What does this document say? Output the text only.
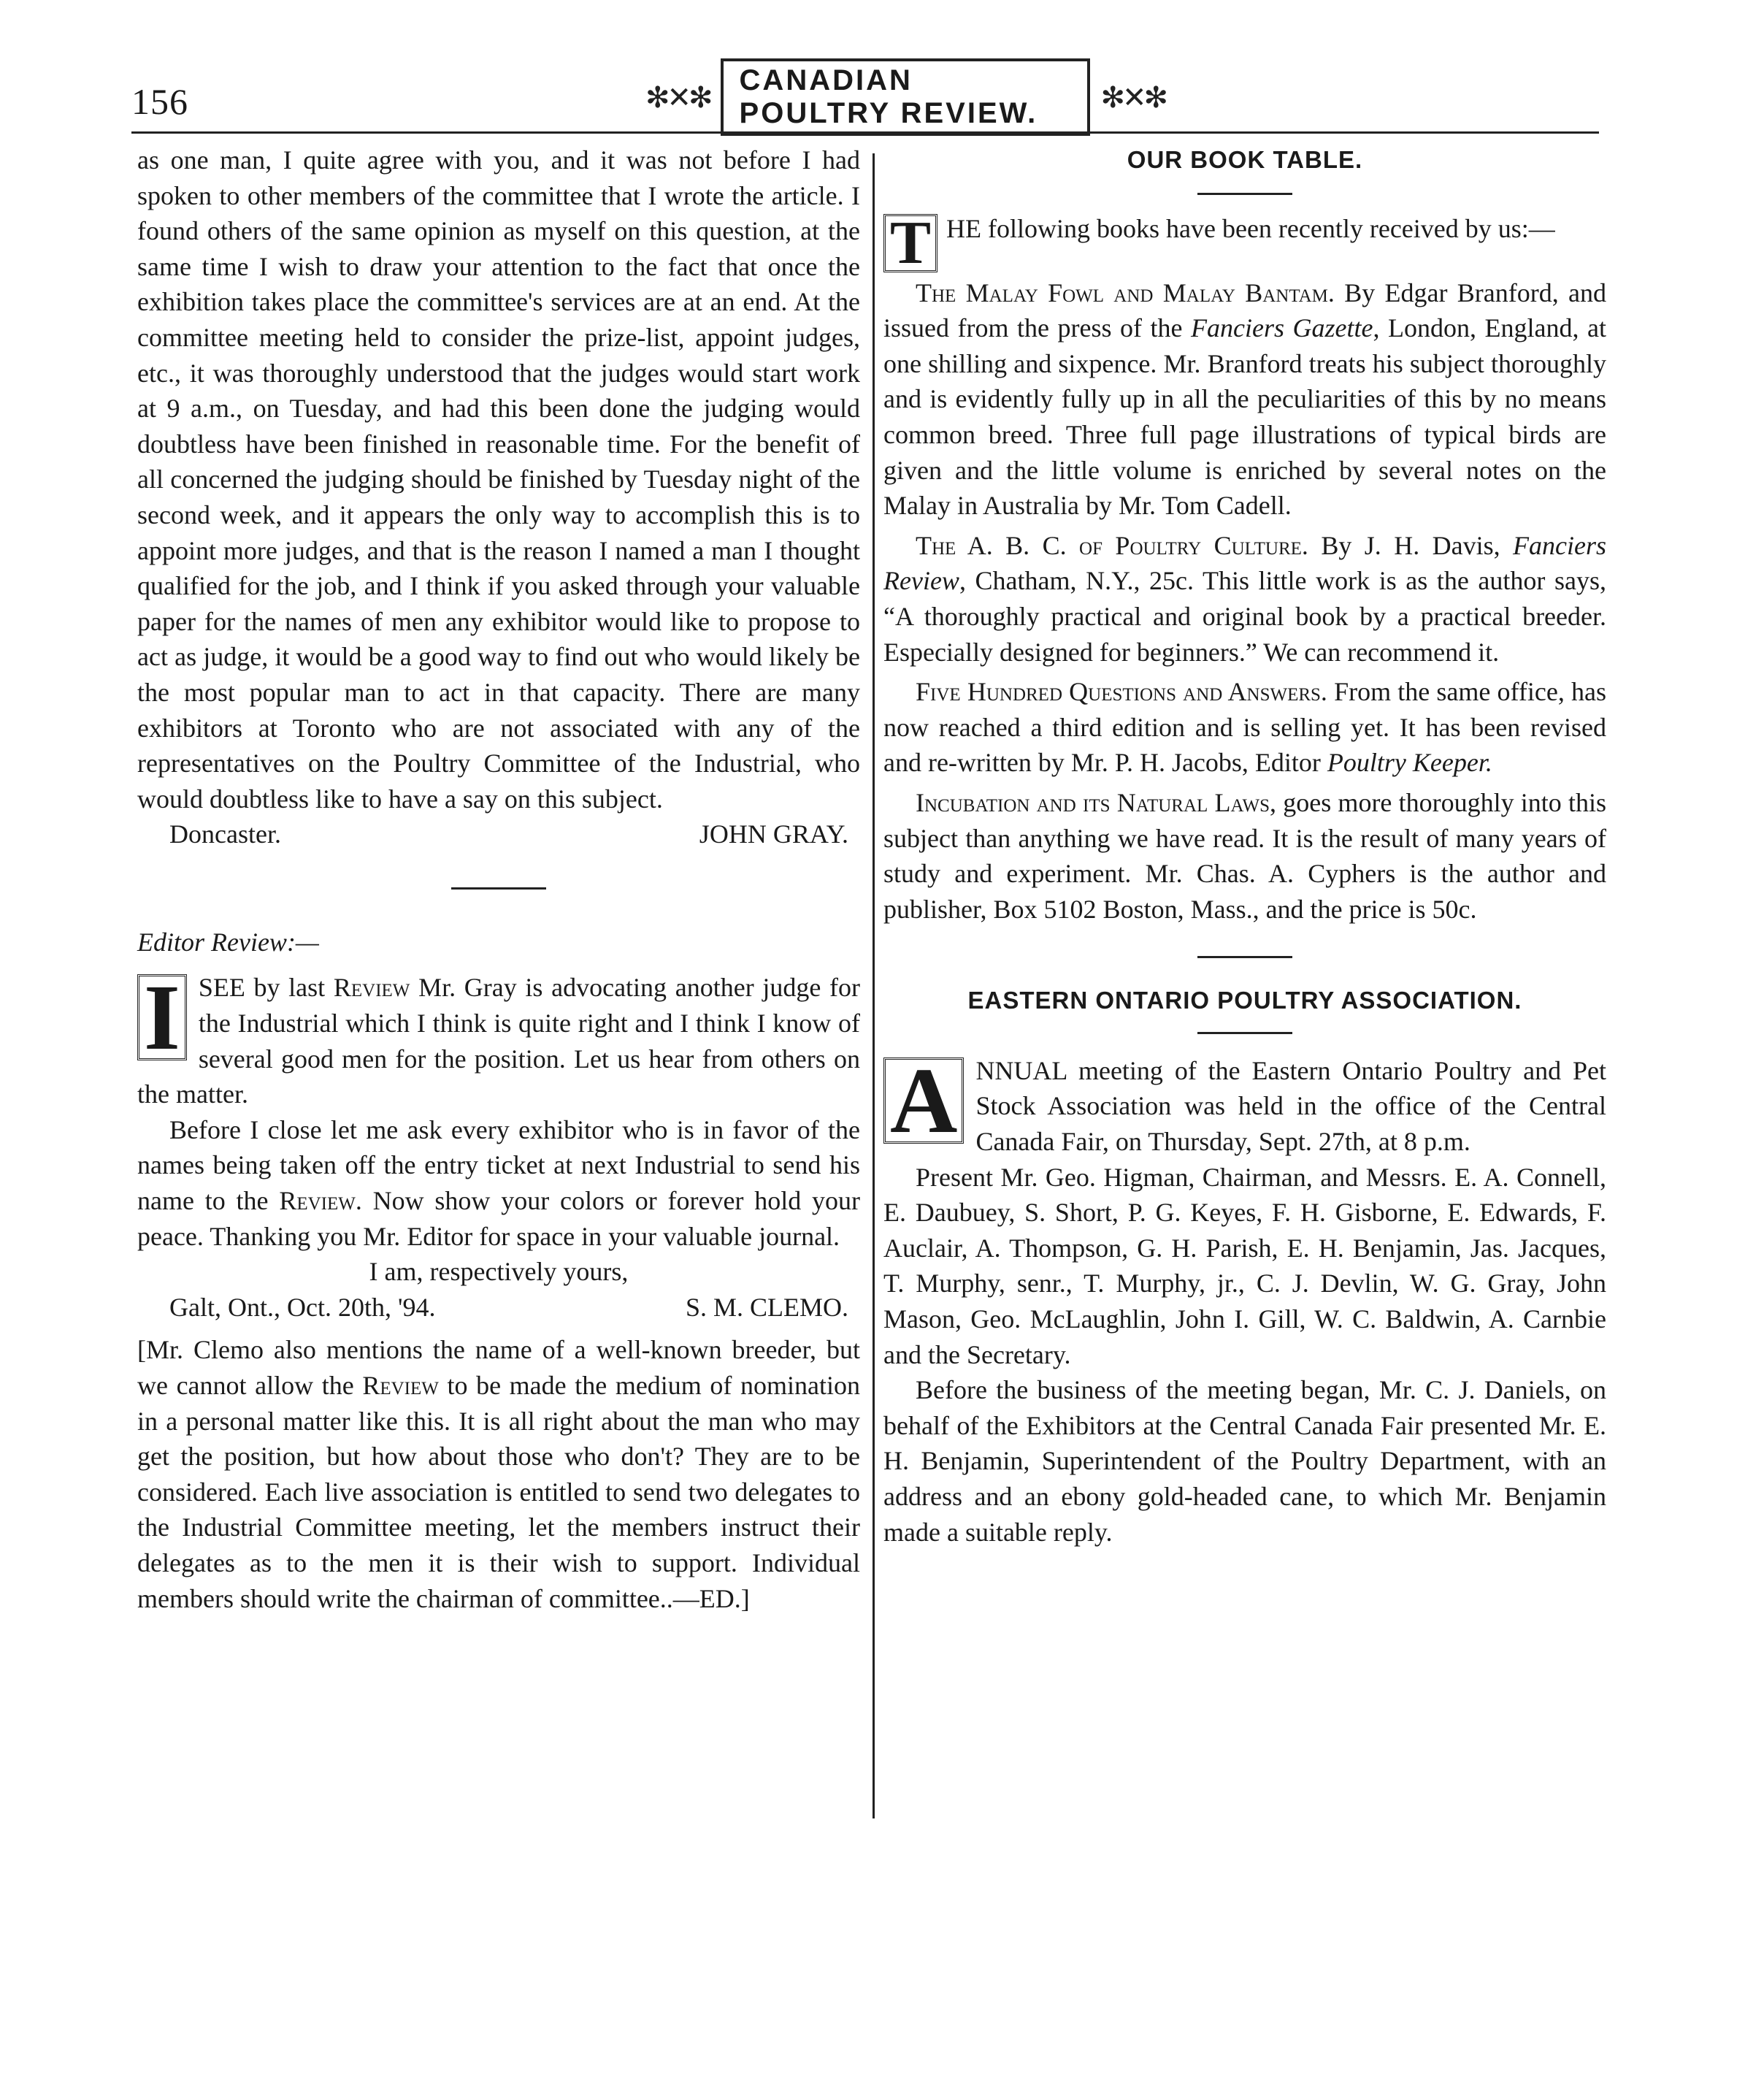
156	✻✕✻
CANADIAN POULTRY REVIEW.	✻✕✻

as one man, I quite agree with you, and it was not before I had spoken to other members of the committee that I wrote the article. I found others of the same opinion as myself on this question, at the same time I wish to draw your attention to the fact that once the exhibition takes place the committee's services are at an end. At the committee meeting held to consider the prize-list, appoint judges, etc., it was thoroughly understood that the judges would start work at 9 a.m., on Tuesday, and had this been done the judging would doubtless have been finished in reasonable time. For the benefit of all concerned the judging should be finished by Tuesday night of the second week, and it appears the only way to accomplish this is to appoint more judges, and that is the reason I named a man I thought qualified for the job, and I think if you asked through your valuable paper for the names of men any exhibitor would like to propose to act as judge, it would be a good way to find out who would likely be the most popular man to act in that capacity. There are many exhibitors at Toronto who are not associated with any of the representatives on the Poultry Committee of the Industrial, who would doubtless like to have a say on this subject.

Doncaster.	JOHN GRAY.

Editor Review:—

I SEE by last Review Mr. Gray is advocating another judge for the Industrial which I think is quite right and I think I know of several good men for the position. Let us hear from others on the matter.

Before I close let me ask every exhibitor who is in favor of the names being taken off the entry ticket at next Industrial to send his name to the Review. Now show your colors or forever hold your peace. Thanking you Mr. Editor for space in your valuable journal.

I am, respectively yours,

Galt, Ont., Oct. 20th, '94.	S. M. CLEMO.

[Mr. Clemo also mentions the name of a well-known breeder, but we cannot allow the Review to be made the medium of nomination in a personal matter like this. It is all right about the man who may get the position, but how about those who don't? They are to be considered. Each live association is entitled to send two delegates to the Industrial Committee meeting, let the members instruct their delegates as to the men it is their wish to support. Individual members should write the chairman of committee..—ED.]

OUR BOOK TABLE.

T HE following books have been recently received by us:—

The Malay Fowl and Malay Bantam. By Edgar Branford, and issued from the press of the Fanciers Gazette, London, England, at one shilling and sixpence. Mr. Branford treats his subject thoroughly and is evidently fully up in all the peculiarities of this by no means common breed. Three full page illustrations of typical birds are given and the little volume is enriched by several notes on the Malay in Australia by Mr. Tom Cadell.

The A. B. C. of Poultry Culture. By J. H. Davis, Fanciers Review, Chatham, N.Y., 25c. This little work is as the author says, “A thoroughly practical and original book by a practical breeder. Especially designed for beginners.” We can recommend it.

Five Hundred Questions and Answers. From the same office, has now reached a third edition and is selling yet. It has been revised and re-written by Mr. P. H. Jacobs, Editor Poultry Keeper.

Incubation and its Natural Laws, goes more thoroughly into this subject than anything we have read. It is the result of many years of study and experiment. Mr. Chas. A. Cyphers is the author and publisher, Box 5102 Boston, Mass., and the price is 50c.

EASTERN ONTARIO POULTRY ASSOCIATION.

A NNUAL meeting of the Eastern Ontario Poultry and Pet Stock Association was held in the office of the Central Canada Fair, on Thursday, Sept. 27th, at 8 p.m.

Present Mr. Geo. Higman, Chairman, and Messrs. E. A. Connell, E. Daubuey, S. Short, P. G. Keyes, F. H. Gisborne, E. Edwards, F. Auclair, A. Thompson, G. H. Parish, E. H. Benjamin, Jas. Jacques, T. Murphy, senr., T. Murphy, jr., C. J. Devlin, W. G. Gray, John Mason, Geo. McLaughlin, John I. Gill, W. C. Baldwin, A. Carnbie and the Secretary.

Before the business of the meeting began, Mr. C. J. Daniels, on behalf of the Exhibitors at the Central Canada Fair presented Mr. E. H. Benjamin, Superintendent of the Poultry Department, with an address and an ebony gold-headed cane, to which Mr. Benjamin made a suitable reply.
